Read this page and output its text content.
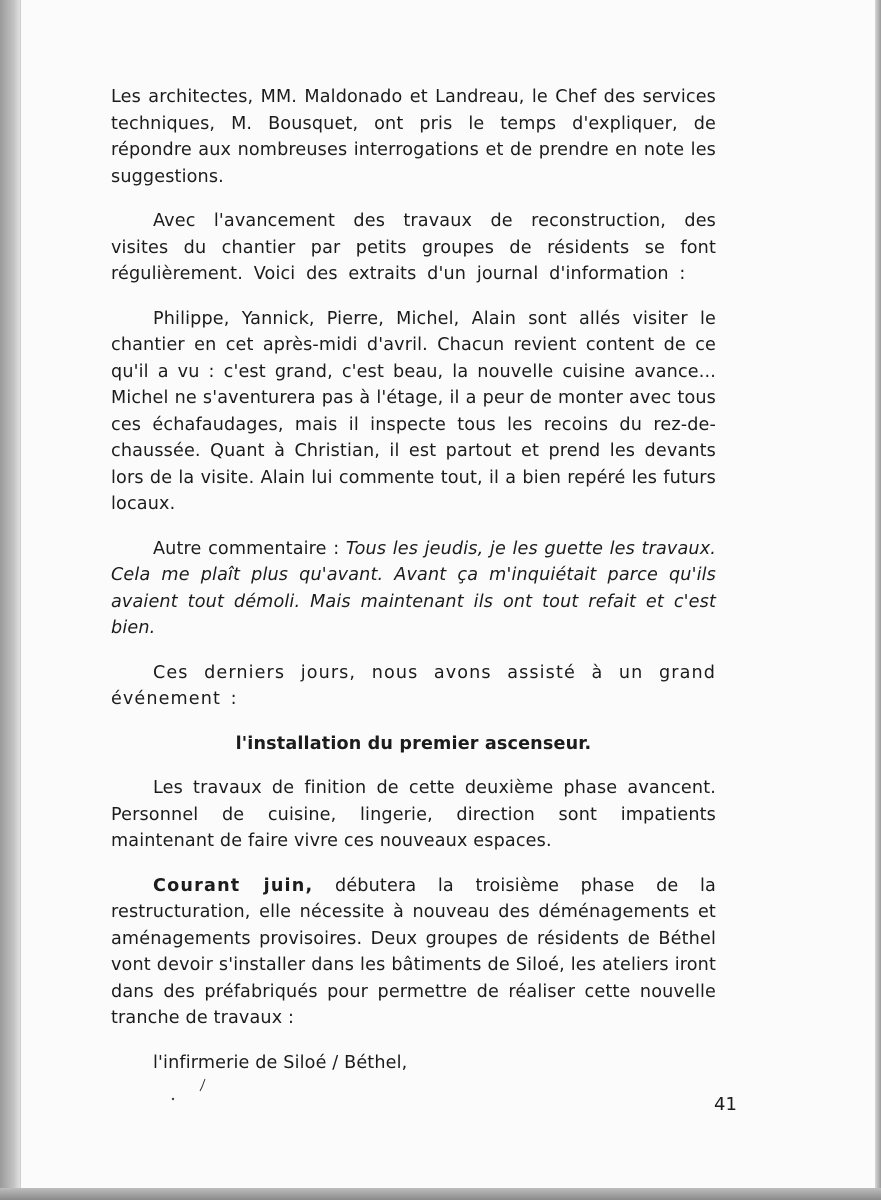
Les architectes, MM. Maldonado et Landreau, le Chef des services techniques, M. Bousquet, ont pris le temps d'expliquer, de répondre aux nombreuses interrogations et de prendre en note les suggestions.

Avec l'avancement des travaux de reconstruction, des visites du chantier par petits groupes de résidents se font régulièrement. Voici des extraits d'un journal d'information :

Philippe, Yannick, Pierre, Michel, Alain sont allés visiter le chantier en cet après-midi d'avril. Chacun revient content de ce qu'il a vu : c'est grand, c'est beau, la nouvelle cuisine avance... Michel ne s'aventurera pas à l'étage, il a peur de monter avec tous ces échafaudages, mais il inspecte tous les recoins du rez-de-chaussée. Quant à Christian, il est partout et prend les devants lors de la visite. Alain lui commente tout, il a bien repéré les futurs locaux.

Autre commentaire : Tous les jeudis, je les guette les travaux. Cela me plaît plus qu'avant. Avant ça m'inquiétait parce qu'ils avaient tout démoli. Mais maintenant ils ont tout refait et c'est bien.

Ces derniers jours, nous avons assisté à un grand événement :

l'installation du premier ascenseur.

Les travaux de finition de cette deuxième phase avancent. Personnel de cuisine, lingerie, direction sont impatients maintenant de faire vivre ces nouveaux espaces.

Courant juin, débutera la troisième phase de la restructuration, elle nécessite à nouveau des déménagements et aménagements provisoires. Deux groupes de résidents de Béthel vont devoir s'installer dans les bâtiments de Siloé, les ateliers iront dans des préfabriqués pour permettre de réaliser cette nouvelle tranche de travaux :

l'infirmerie de Siloé / Béthel,

41
